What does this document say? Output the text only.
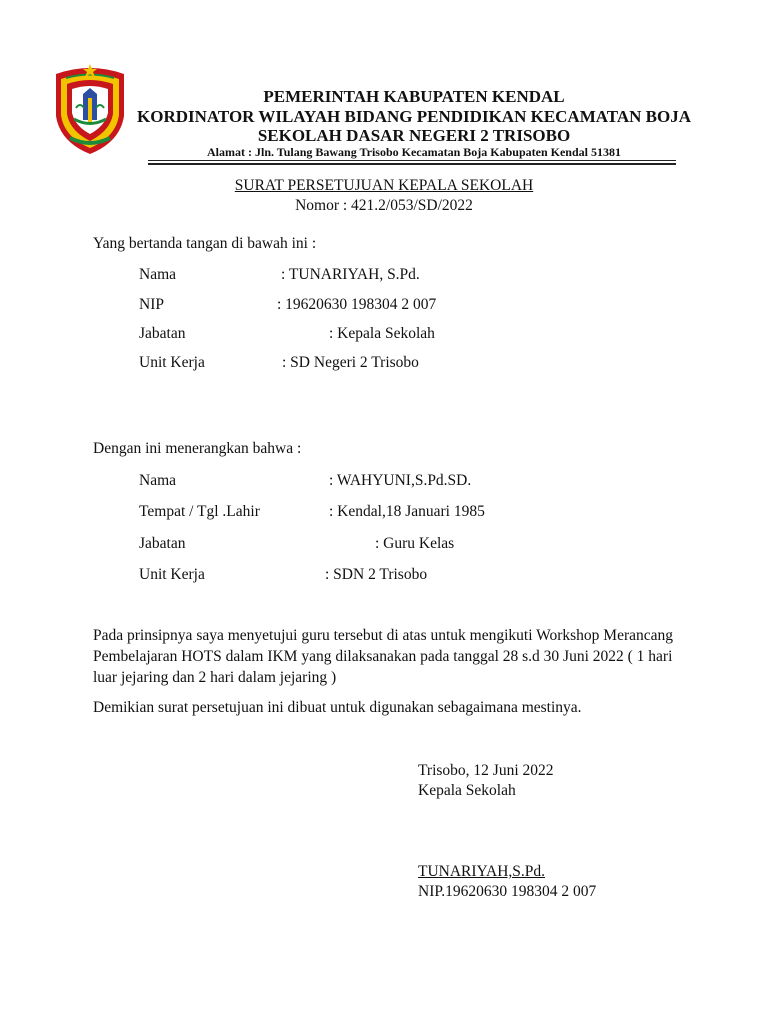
PEMERINTAH KABUPATEN KENDAL
KORDINATOR WILAYAH BIDANG PENDIDIKAN KECAMATAN BOJA
SEKOLAH DASAR NEGERI 2 TRISOBO
Alamat : Jln. Tulang Bawang Trisobo Kecamatan Boja Kabupaten Kendal 51381
SURAT PERSETUJUAN KEPALA SEKOLAH
Nomor : 421.2/053/SD/2022
Yang bertanda tangan di bawah ini :
Nama	: TUNARIYAH, S.Pd.
NIP	: 19620630 198304 2 007
Jabatan	: Kepala Sekolah
Unit Kerja	: SD Negeri 2 Trisobo
Dengan ini menerangkan bahwa :
Nama	: WAHYUNI,S.Pd.SD.
Tempat / Tgl .Lahir	: Kendal,18 Januari 1985
Jabatan	: Guru Kelas
Unit Kerja	: SDN 2 Trisobo
Pada prinsipnya saya menyetujui guru tersebut di atas untuk mengikuti Workshop Merancang
Pembelajaran HOTS dalam IKM yang dilaksanakan pada tanggal 28 s.d 30 Juni 2022 ( 1 hari
luar jejaring dan 2 hari dalam jejaring )
Demikian surat persetujuan ini dibuat untuk digunakan sebagaimana mestinya.
Trisobo, 12 Juni 2022
Kepala Sekolah
TUNARIYAH,S.Pd.
NIP.19620630 198304 2 007
